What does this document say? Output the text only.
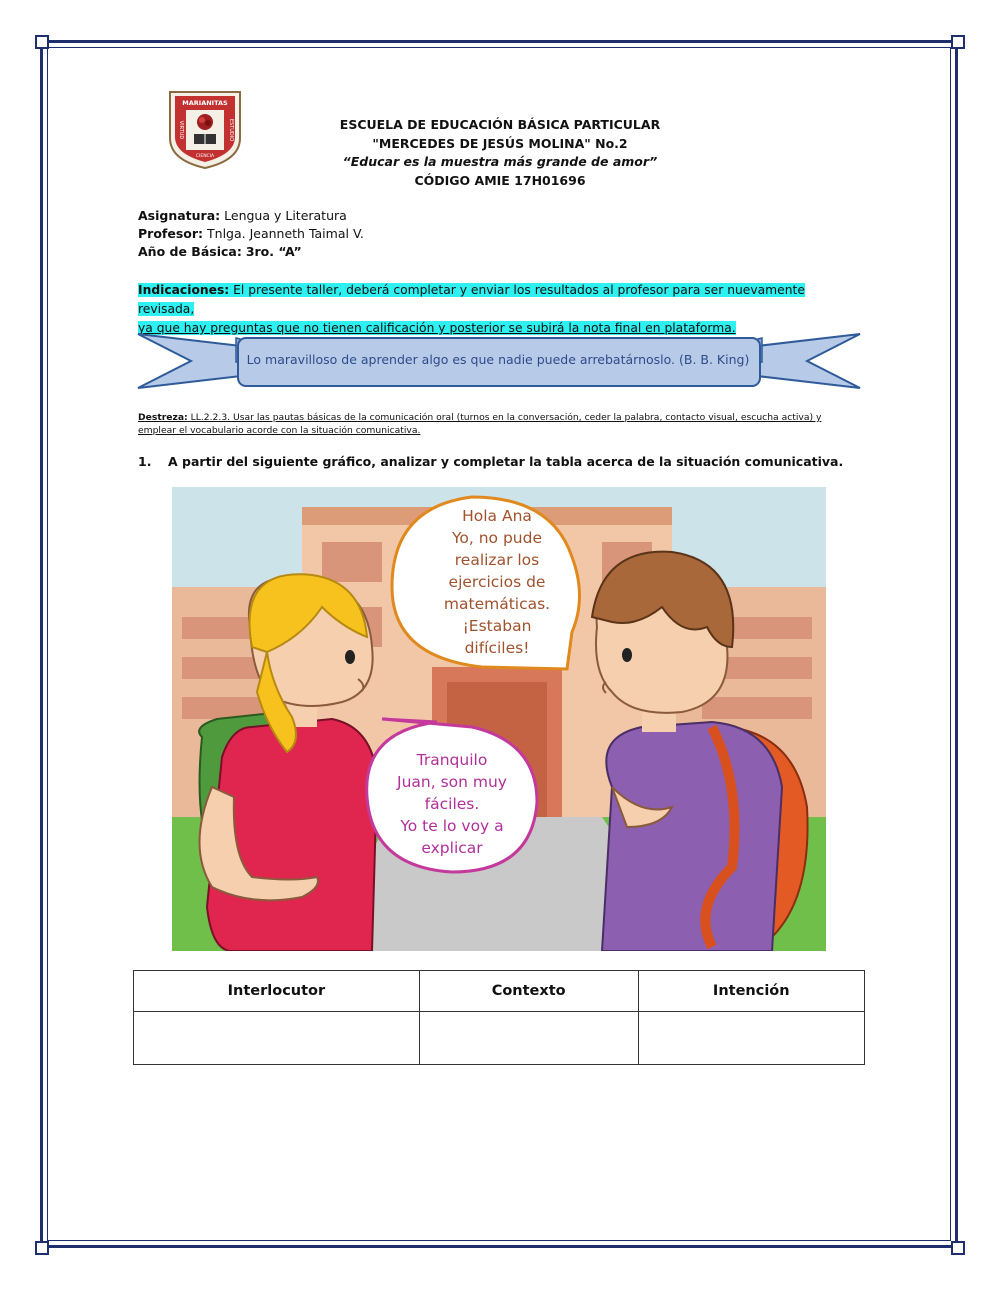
MARIANITAS
VIRTUD	ESTUDIO
CIENCIA
ESCUELA DE EDUCACIÓN BÁSICA PARTICULAR
"MERCEDES DE JESÚS MOLINA" No.2
“Educar es la muestra más grande de amor”
CÓDIGO AMIE 17H01696
Asignatura: Lengua y Literatura
Profesor: Tnlga. Jeanneth Taimal V.
Año de Básica: 3ro. “A”
Indicaciones: El presente taller, deberá completar y enviar los resultados al profesor para ser nuevamente revisada,
ya que hay preguntas que no tienen calificación y posterior se subirá la nota final en plataforma.
Lo maravilloso de aprender algo es que nadie puede arrebatárnoslo. (B. B. King)
Destreza: LL.2.2.3. Usar las pautas básicas de la comunicación oral (turnos en la conversación, ceder la palabra, contacto visual, escucha activa) y emplear el vocabulario acorde con la situación comunicativa.
1. A partir del siguiente gráfico, analizar y completar la tabla acerca de la situación comunicativa.
Hola Ana
Yo, no pude
realizar los
ejercicios de
matemáticas.
¡Estaban
difíciles!
Tranquilo
Juan, son muy
fáciles.
Yo te lo voy a
explicar
Interlocutor	Contexto	Intención
